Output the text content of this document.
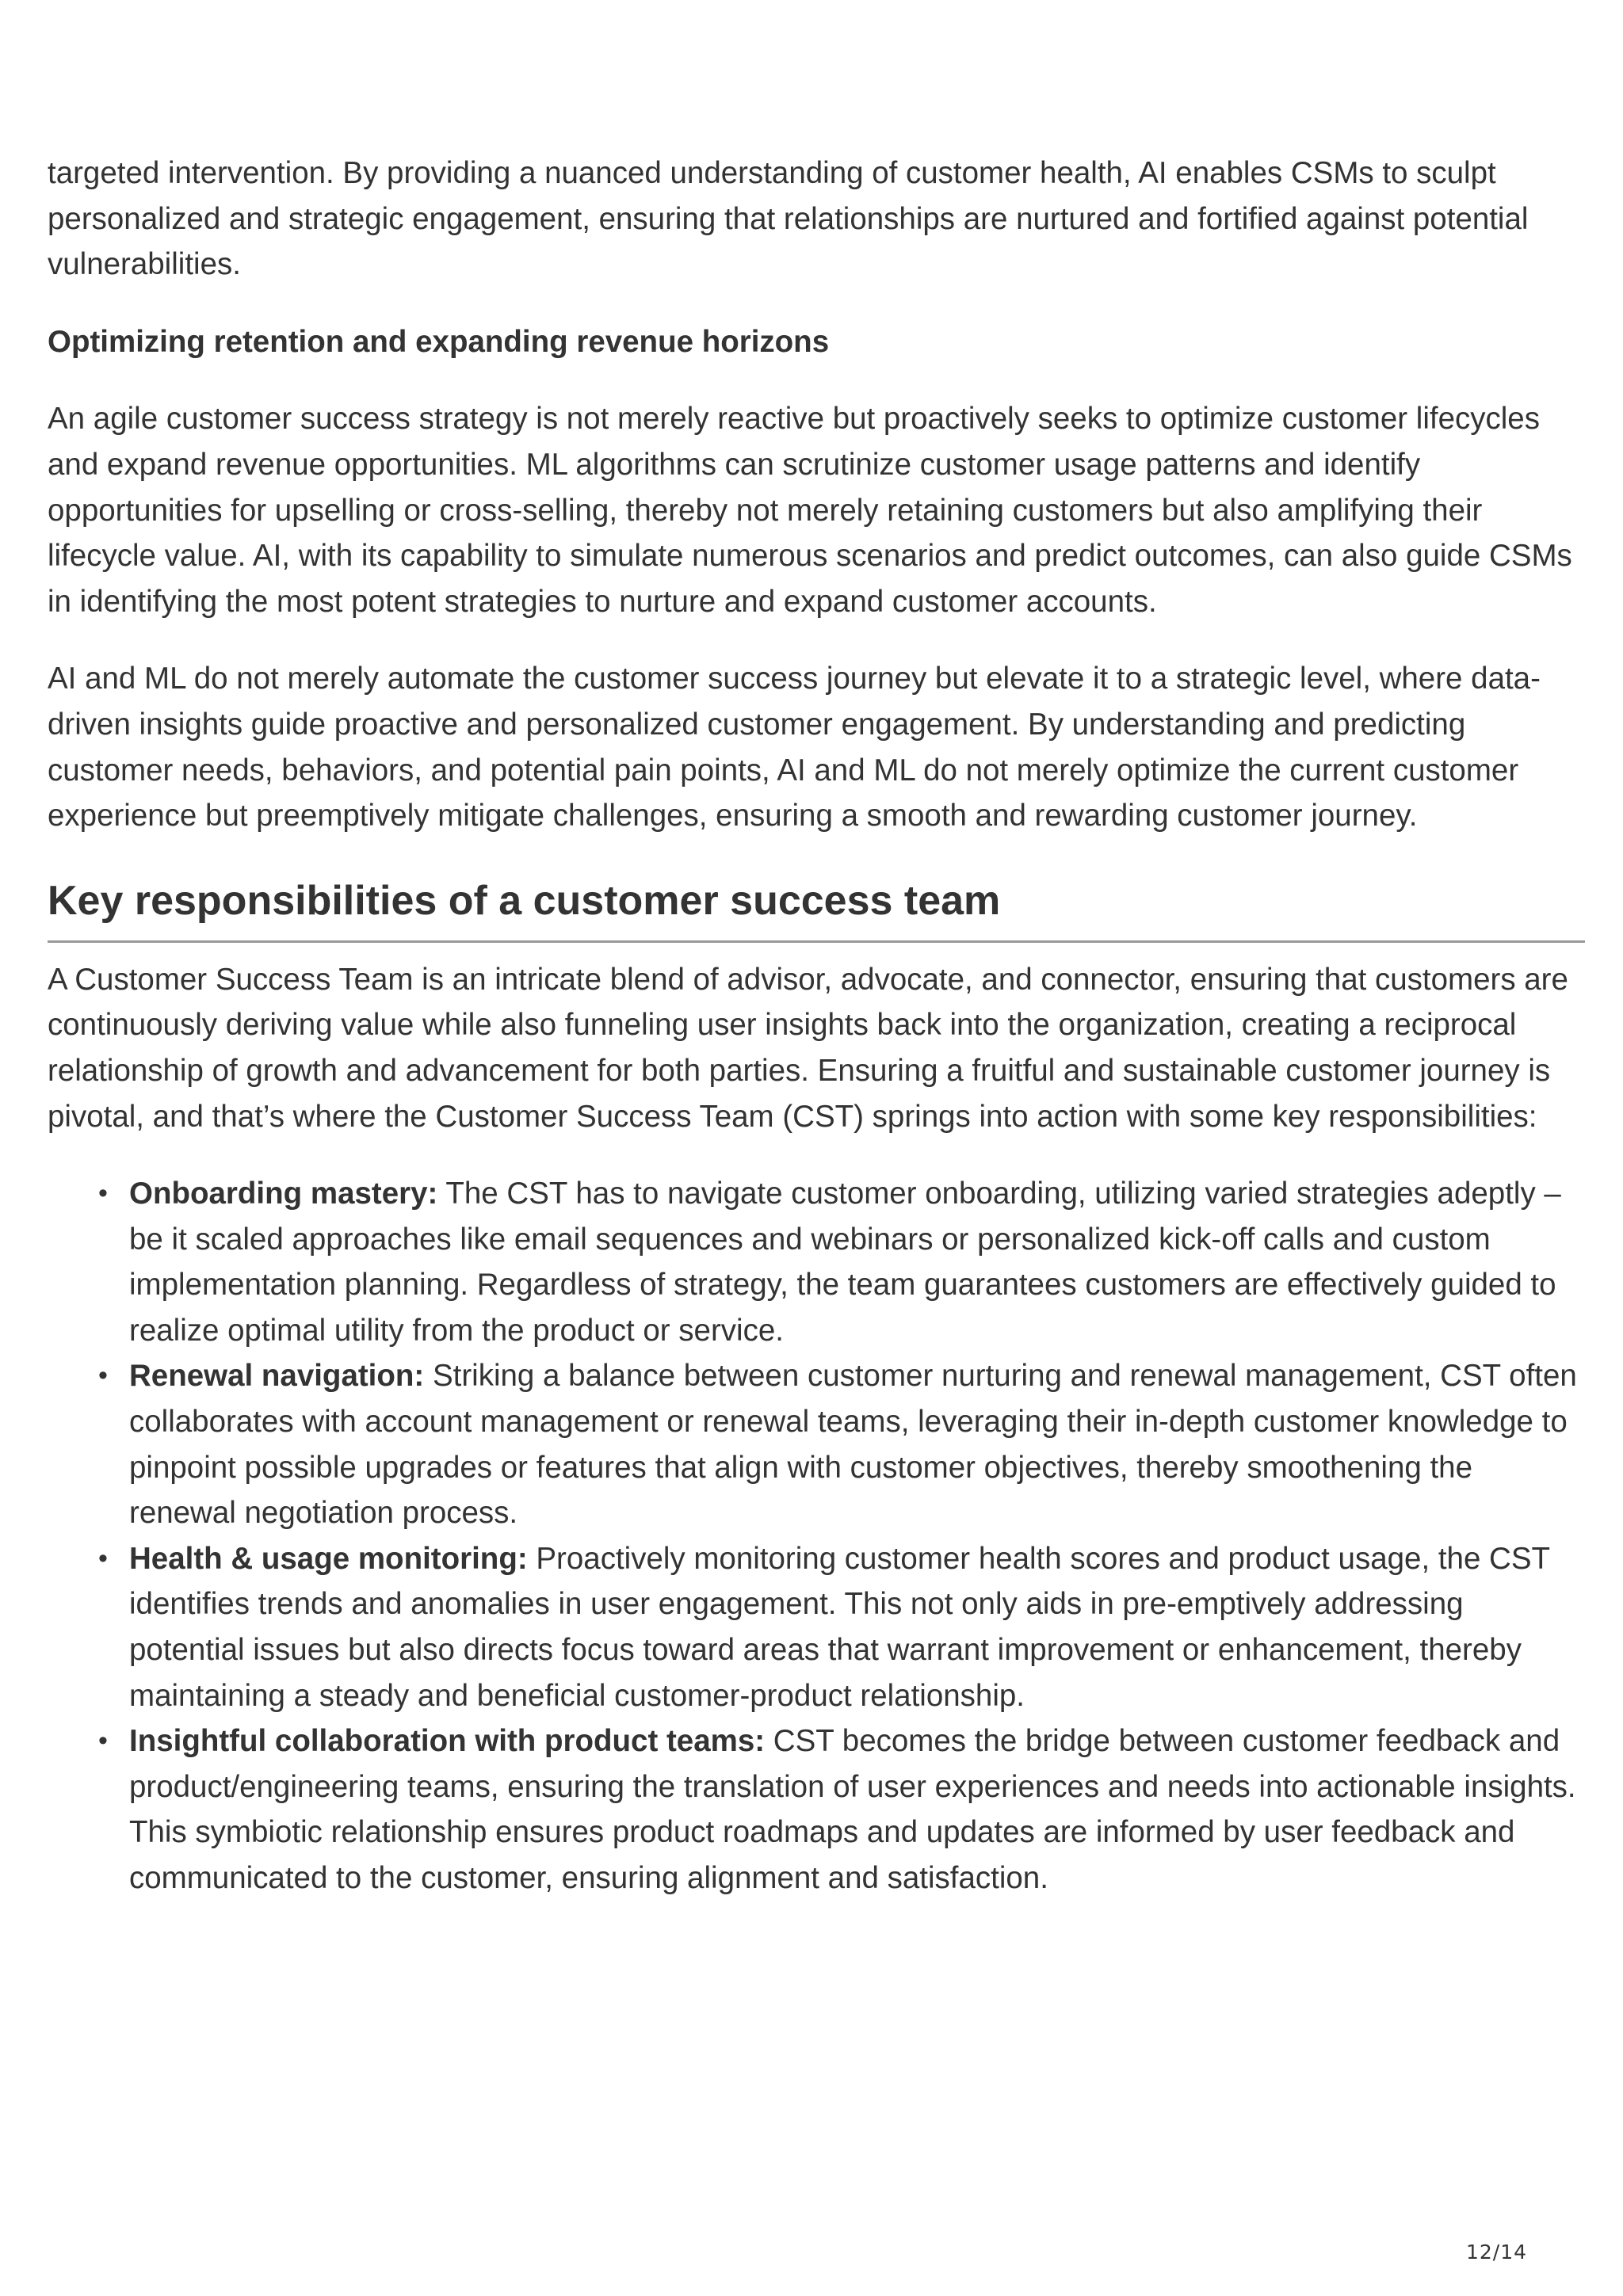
targeted intervention. By providing a nuanced understanding of customer health, AI enables CSMs to sculpt personalized and strategic engagement, ensuring that relationships are nurtured and fortified against potential vulnerabilities.

Optimizing retention and expanding revenue horizons

An agile customer success strategy is not merely reactive but proactively seeks to optimize customer lifecycles and expand revenue opportunities. ML algorithms can scrutinize customer usage patterns and identify opportunities for upselling or cross-selling, thereby not merely retaining customers but also amplifying their lifecycle value. AI, with its capability to simulate numerous scenarios and predict outcomes, can also guide CSMs in identifying the most potent strategies to nurture and expand customer accounts.

AI and ML do not merely automate the customer success journey but elevate it to a strategic level, where data-driven insights guide proactive and personalized customer engagement. By understanding and predicting customer needs, behaviors, and potential pain points, AI and ML do not merely optimize the current customer experience but preemptively mitigate challenges, ensuring a smooth and rewarding customer journey.

Key responsibilities of a customer success team

A Customer Success Team is an intricate blend of advisor, advocate, and connector, ensuring that customers are continuously deriving value while also funneling user insights back into the organization, creating a reciprocal relationship of growth and advancement for both parties. Ensuring a fruitful and sustainable customer journey is pivotal, and that’s where the Customer Success Team (CST) springs into action with some key responsibilities:

• Onboarding mastery: The CST has to navigate customer onboarding, utilizing varied strategies adeptly – be it scaled approaches like email sequences and webinars or personalized kick-off calls and custom implementation planning. Regardless of strategy, the team guarantees customers are effectively guided to realize optimal utility from the product or service.
• Renewal navigation: Striking a balance between customer nurturing and renewal management, CST often collaborates with account management or renewal teams, leveraging their in-depth customer knowledge to pinpoint possible upgrades or features that align with customer objectives, thereby smoothening the renewal negotiation process.
• Health & usage monitoring: Proactively monitoring customer health scores and product usage, the CST identifies trends and anomalies in user engagement. This not only aids in pre-emptively addressing potential issues but also directs focus toward areas that warrant improvement or enhancement, thereby maintaining a steady and beneficial customer-product relationship.
• Insightful collaboration with product teams: CST becomes the bridge between customer feedback and product/engineering teams, ensuring the translation of user experiences and needs into actionable insights. This symbiotic relationship ensures product roadmaps and updates are informed by user feedback and communicated to the customer, ensuring alignment and satisfaction.
12/14
